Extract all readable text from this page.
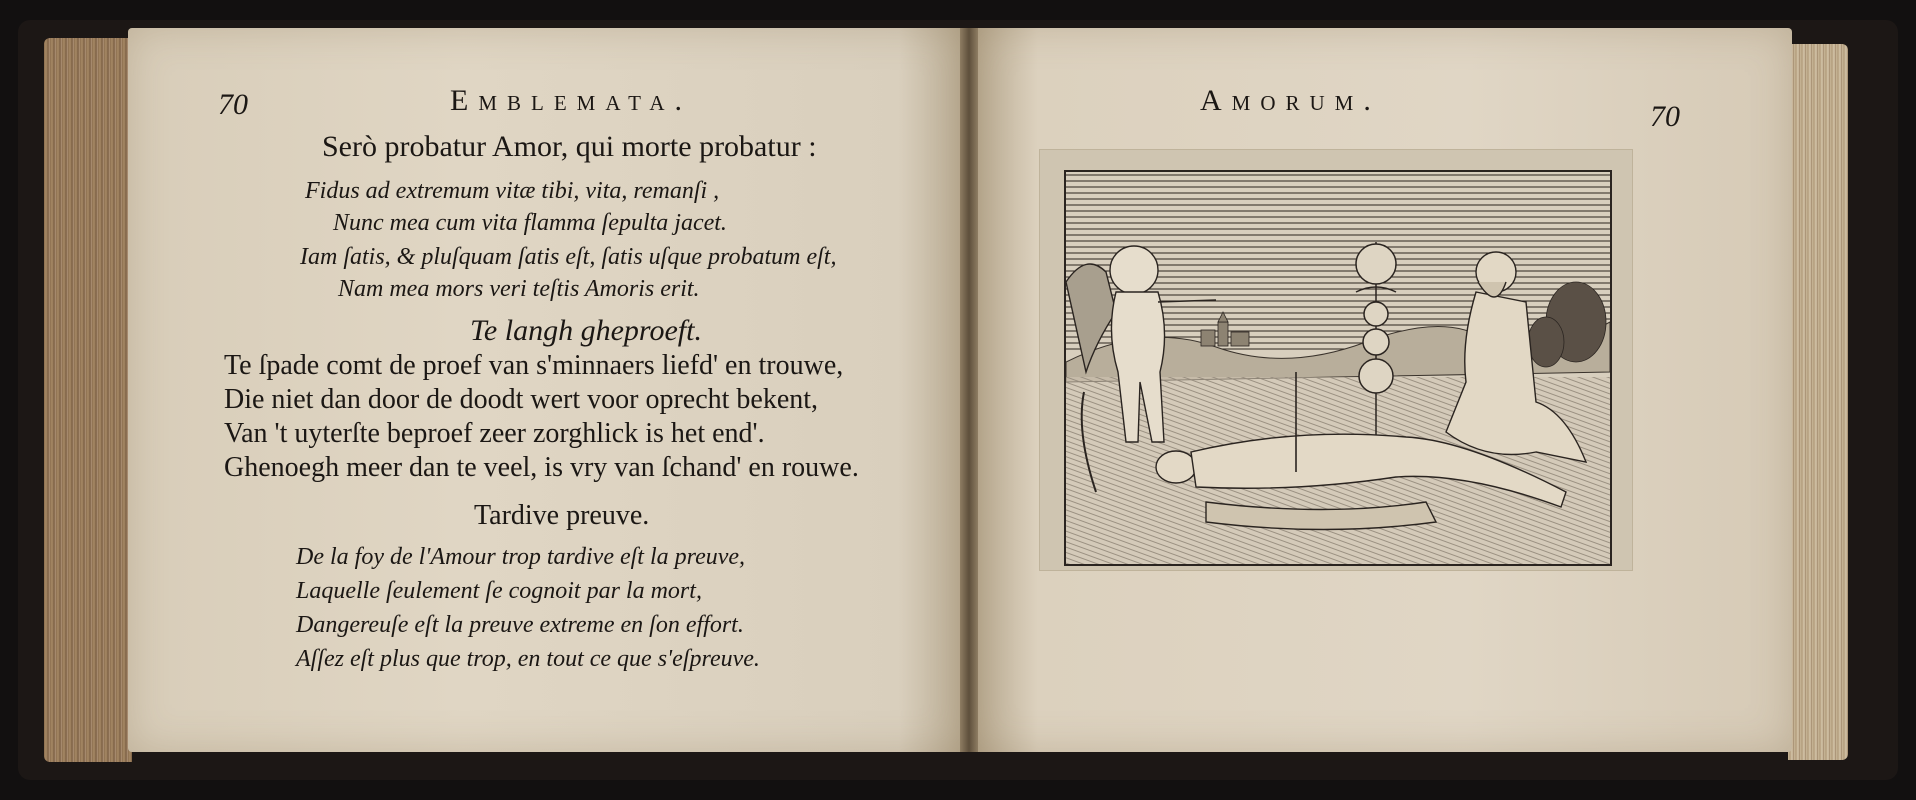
70	Emblemata.
Serò probatur Amor, qui morte probatur :
Fidus ad extremum vitæ tibi, vita, remanſi ,
Nunc mea cum vita flamma ſepulta jacet.
Iam ſatis, & pluſquam ſatis eſt, ſatis uſque probatum eſt,
Nam mea mors veri teſtis Amoris erit.
Te langh gheproeft.
Te ſpade comt de proef van s'minnaers liefd' en trouwe,
Die niet dan door de doodt wert voor oprecht bekent,
Van 't uyterſte beproef zeer zorghlick is het end'.
Ghenoegh meer dan te veel, is vry van ſchand' en rouwe.
Tardive preuve.
De la foy de l'Amour trop tardive eſt la preuve,
Laquelle ſeulement ſe cognoit par la mort,
Dangereuſe eſt la preuve extreme en ſon effort.
Aſſez eſt plus que trop, en tout ce que s'eſpreuve.
Amorum.	70
